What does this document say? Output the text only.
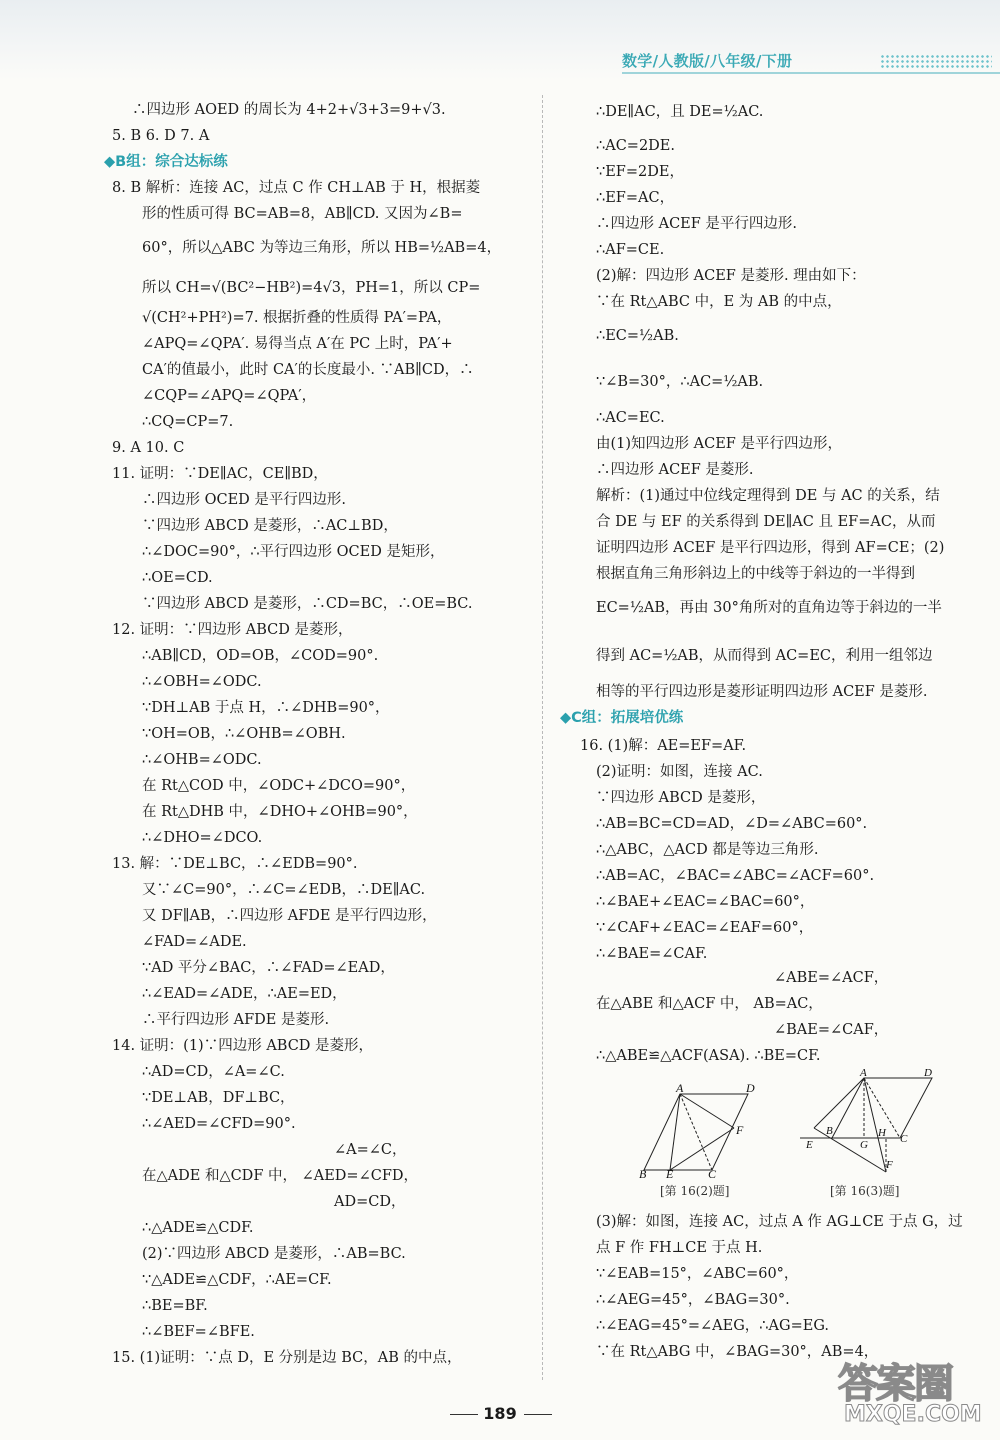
数学/人教版/八年级/下册
∴四边形 AOED 的周长为 4+2+√3+3=9+√3.
5. B 6. D 7. A
◆B组：综合达标练
8. B 解析：连接 AC，过点 C 作 CH⊥AB 于 H，根据菱
形的性质可得 BC=AB=8，AB∥CD. 又因为∠B=
60°，所以△ABC 为等边三角形，所以 HB=½AB=4，
所以 CH=√(BC²−HB²)=4√3，PH=1，所以 CP=
√(CH²+PH²)=7. 根据折叠的性质得 PA′=PA，
∠APQ=∠QPA′. 易得当点 A′在 PC 上时，PA′+
CA′的值最小，此时 CA′的长度最小. ∵AB∥CD，∴
∠CQP=∠APQ=∠QPA′，
∴CQ=CP=7.
9. A 10. C
11. 证明：∵DE∥AC，CE∥BD，
∴四边形 OCED 是平行四边形.
∵四边形 ABCD 是菱形，∴AC⊥BD，
∴∠DOC=90°，∴平行四边形 OCED 是矩形，
∴OE=CD.
∵四边形 ABCD 是菱形，∴CD=BC，∴OE=BC.
12. 证明：∵四边形 ABCD 是菱形，
∴AB∥CD，OD=OB，∠COD=90°.
∴∠OBH=∠ODC.
∵DH⊥AB 于点 H，∴∠DHB=90°，
∵OH=OB，∴∠OHB=∠OBH.
∴∠OHB=∠ODC.
在 Rt△COD 中，∠ODC+∠DCO=90°，
在 Rt△DHB 中，∠DHO+∠OHB=90°，
∴∠DHO=∠DCO.
13. 解：∵DE⊥BC，∴∠EDB=90°.
又∵∠C=90°，∴∠C=∠EDB，∴DE∥AC.
又 DF∥AB，∴四边形 AFDE 是平行四边形，
∠FAD=∠ADE.
∵AD 平分∠BAC，∴∠FAD=∠EAD，
∴∠EAD=∠ADE，∴AE=ED，
∴平行四边形 AFDE 是菱形.
14. 证明：(1)∵四边形 ABCD 是菱形，
∴AD=CD，∠A=∠C.
∵DE⊥AB，DF⊥BC，
∴∠AED=∠CFD=90°.
∠A=∠C，
在△ADE 和△CDF 中， ∠AED=∠CFD，
AD=CD，
∴△ADE≌△CDF.
(2)∵四边形 ABCD 是菱形，∴AB=BC.
∵△ADE≌△CDF，∴AE=CF.
∴BE=BF.
∴∠BEF=∠BFE.
15. (1)证明：∵点 D，E 分别是边 BC，AB 的中点，
∴DE∥AC，且 DE=½AC.
∴AC=2DE.
∵EF=2DE，
∴EF=AC，
∴四边形 ACEF 是平行四边形.
∴AF=CE.
(2)解：四边形 ACEF 是菱形. 理由如下：
∵在 Rt△ABC 中，E 为 AB 的中点，
∴EC=½AB.
∵∠B=30°，∴AC=½AB.
∴AC=EC.
由(1)知四边形 ACEF 是平行四边形，
∴四边形 ACEF 是菱形.
解析：(1)通过中位线定理得到 DE 与 AC 的关系，结
合 DE 与 EF 的关系得到 DE∥AC 且 EF=AC，从而
证明四边形 ACEF 是平行四边形，得到 AF=CE；(2)
根据直角三角形斜边上的中线等于斜边的一半得到
EC=½AB，再由 30°角所对的直角边等于斜边的一半
得到 AC=½AB，从而得到 AC=EC，利用一组邻边
相等的平行四边形是菱形证明四边形 ACEF 是菱形.
◆C组：拓展培优练
16. (1)解：AE=EF=AF.
(2)证明：如图，连接 AC.
∵四边形 ABCD 是菱形，
∴AB=BC=CD=AD，∠D=∠ABC=60°.
∴△ABC，△ACD 都是等边三角形.
∴AB=AC，∠BAC=∠ABC=∠ACF=60°.
∴∠BAE+∠EAC=∠BAC=60°，
∵∠CAF+∠EAC=∠EAF=60°，
∴∠BAE=∠CAF.
∠ABE=∠ACF，
在△ABE 和△ACF 中， AB=AC，
∠BAE=∠CAF，
∴△ABE≌△ACF(ASA). ∴BE=CF.
(3)解：如图，连接 AC，过点 A 作 AG⊥CE 于点 G，过
点 F 作 FH⊥CE 于点 H.
∵∠EAB=15°，∠ABC=60°，
∴∠AEG=45°，∠BAG=30°.
∴∠EAG=45°=∠AEG，∴AG=EG.
∵在 Rt△ABG 中，∠BAG=30°，AB=4，
A	D
F
B E	C
[第 16(2)题]
A	D
B
E	G
H C
F
[第 16(3)题]
189
答案圈
MXQE.COM
